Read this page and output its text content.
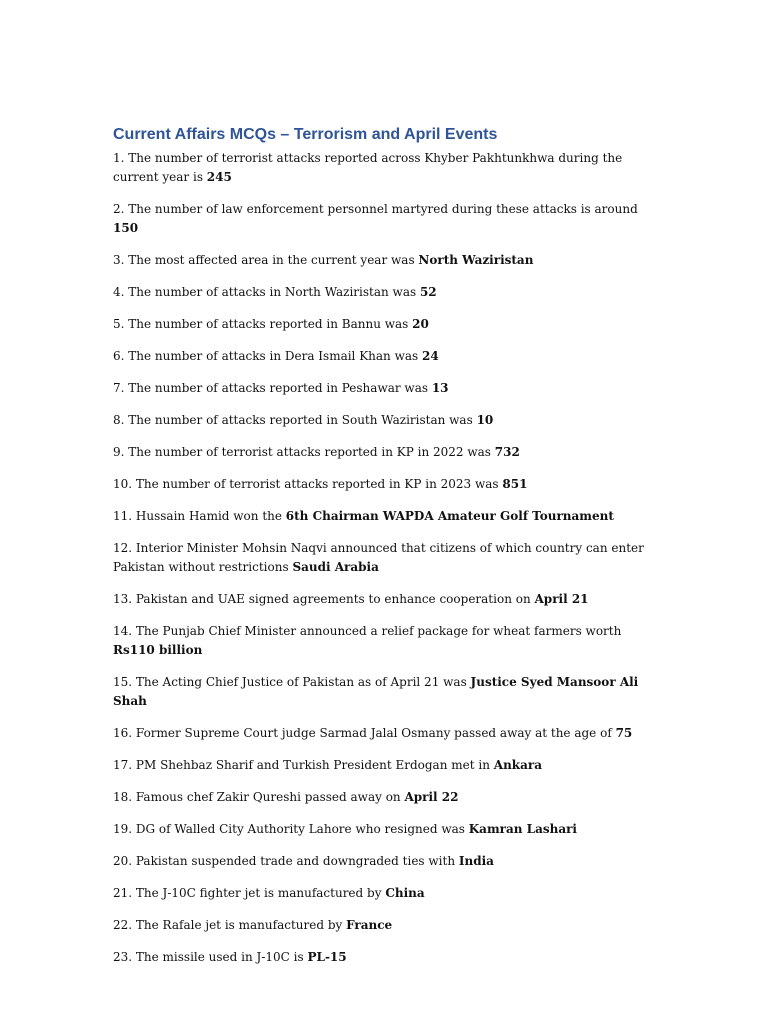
Current Affairs MCQs – Terrorism and April Events

1. The number of terrorist attacks reported across Khyber Pakhtunkhwa during the current year is 245

2. The number of law enforcement personnel martyred during these attacks is around 150

3. The most affected area in the current year was North Waziristan

4. The number of attacks in North Waziristan was 52

5. The number of attacks reported in Bannu was 20

6. The number of attacks in Dera Ismail Khan was 24

7. The number of attacks reported in Peshawar was 13

8. The number of attacks reported in South Waziristan was 10

9. The number of terrorist attacks reported in KP in 2022 was 732

10. The number of terrorist attacks reported in KP in 2023 was 851

11. Hussain Hamid won the 6th Chairman WAPDA Amateur Golf Tournament

12. Interior Minister Mohsin Naqvi announced that citizens of which country can enter Pakistan without restrictions Saudi Arabia

13. Pakistan and UAE signed agreements to enhance cooperation on April 21

14. The Punjab Chief Minister announced a relief package for wheat farmers worth Rs110 billion

15. The Acting Chief Justice of Pakistan as of April 21 was Justice Syed Mansoor Ali Shah

16. Former Supreme Court judge Sarmad Jalal Osmany passed away at the age of 75

17. PM Shehbaz Sharif and Turkish President Erdogan met in Ankara

18. Famous chef Zakir Qureshi passed away on April 22

19. DG of Walled City Authority Lahore who resigned was Kamran Lashari

20. Pakistan suspended trade and downgraded ties with India

21. The J-10C fighter jet is manufactured by China

22. The Rafale jet is manufactured by France

23. The missile used in J-10C is PL-15
